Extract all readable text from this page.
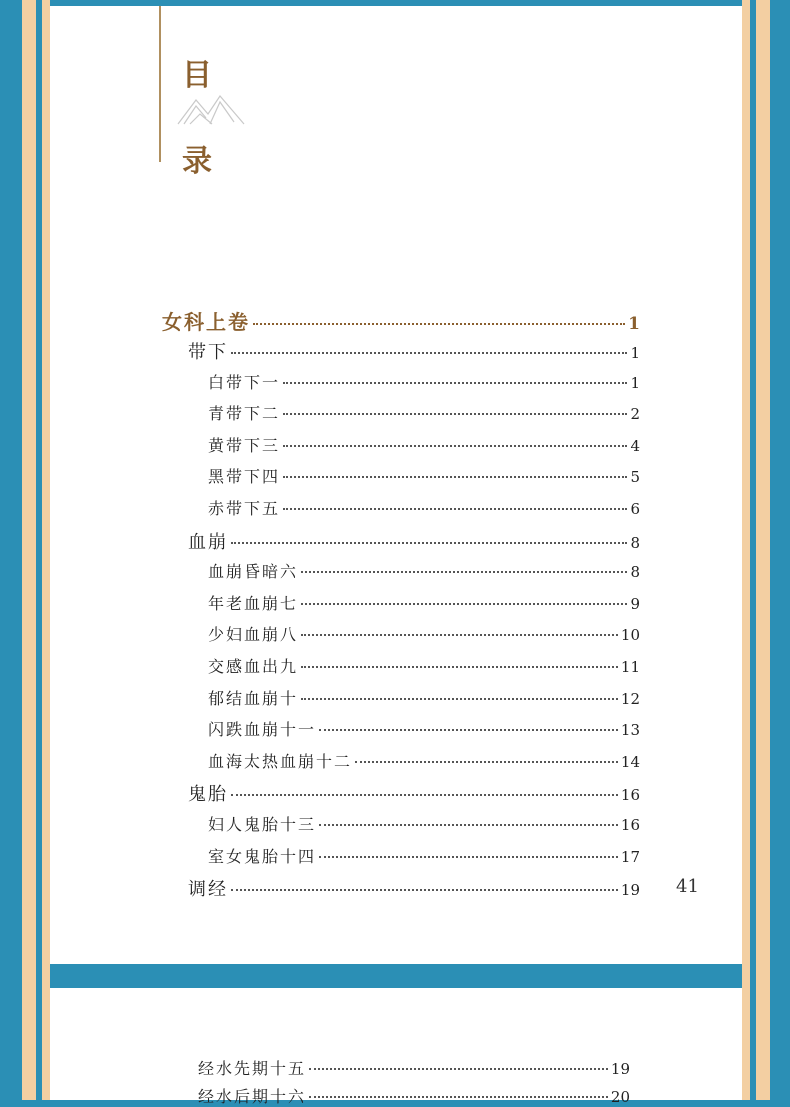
目
录
女科上卷	1
带下	1
白带下一	1
青带下二	2
黄带下三	4
黑带下四	5
赤带下五	6
血崩	8
血崩昏暗六	8
年老血崩七	9
少妇血崩八	10
交感血出九	11
郁结血崩十	12
闪跌血崩十一	13
血海太热血崩十二	14
鬼胎	16
妇人鬼胎十三	16
室女鬼胎十四	17
调经	19 41
经水先期十五	19
经水后期十六	20
